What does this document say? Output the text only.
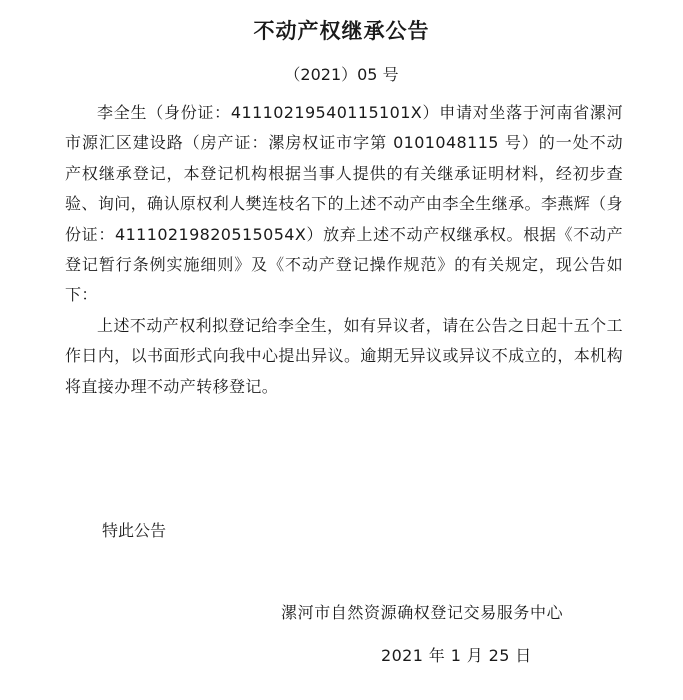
不动产权继承公告
（2021）05 号

李全生（身份证：41110219540115101X）申请对坐落于河南省漯河市源汇区建设路（房产证：漯房权证市字第 0101048115 号）的一处不动产权继承登记，本登记机构根据当事人提供的有关继承证明材料，经初步查验、询问，确认原权利人樊连枝名下的上述不动产由李全生继承。李燕辉（身份证：41110219820515054X）放弃上述不动产权继承权。根据《不动产登记暂行条例实施细则》及《不动产登记操作规范》的有关规定，现公告如下：

上述不动产权利拟登记给李全生，如有异议者，请在公告之日起十五个工作日内，以书面形式向我中心提出异议。逾期无异议或异议不成立的，本机构将直接办理不动产转移登记。

特此公告
漯河市自然资源确权登记交易服务中心
2021 年 1 月 25 日
